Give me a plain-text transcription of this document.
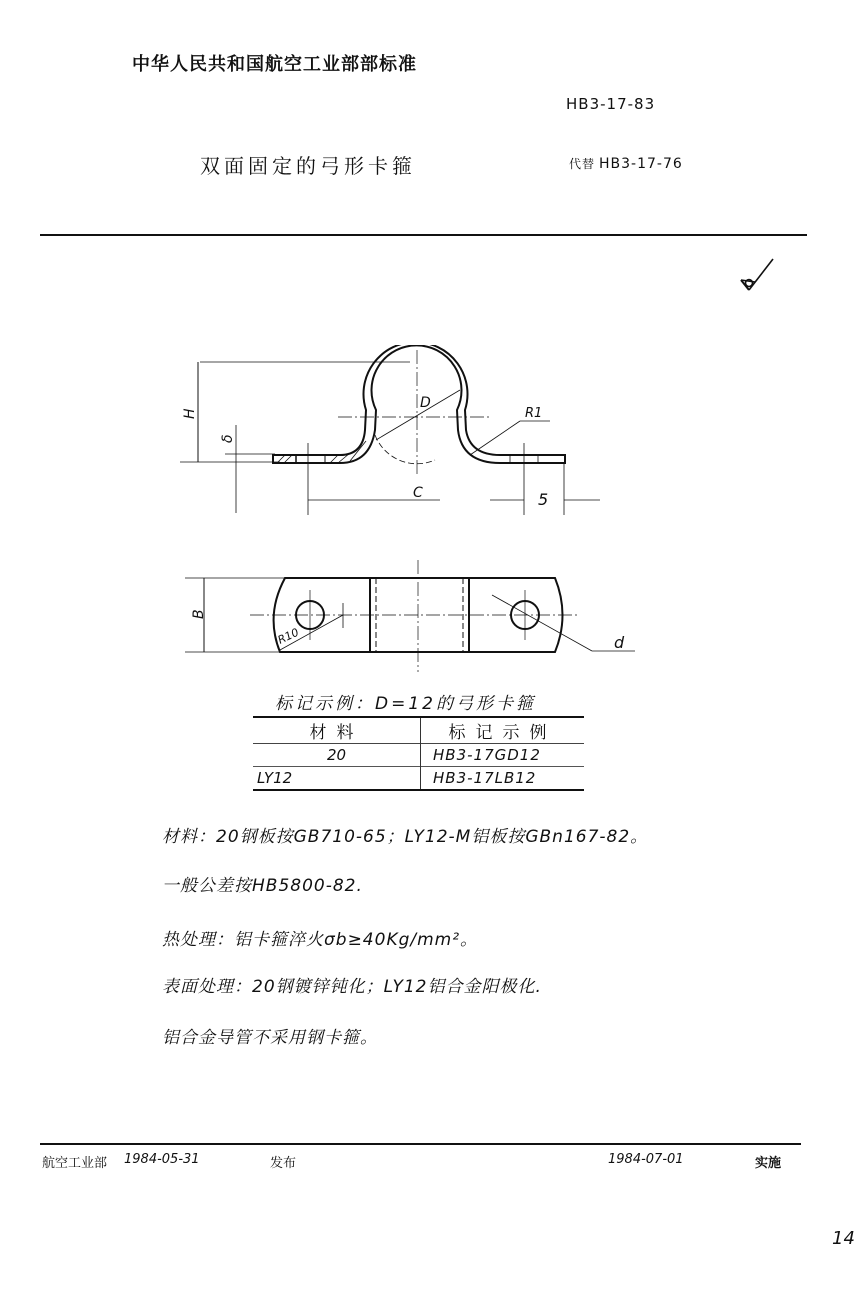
中华人民共和国航空工业部部标准
HB3-17-83
双面固定的弓形卡箍	代替 HB3-17-76
H
δ
D
R1
C	5
B
R10	d
标记示例：D=12的弓形卡箍
材料	标记示例
20	HB3-17GD12
LY12	HB3-17LB12
材料：20钢板按GB710-65；LY12-M铝板按GBn167-82。
一般公差按HB5800-82.
热处理：铝卡箍淬火σb≥40Kg/mm²。
表面处理：20钢镀锌钝化；LY12铝合金阳极化.
铝合金导管不采用钢卡箍。
航空工业部 1984-05-31	发布	1984-07-01	实施
14
